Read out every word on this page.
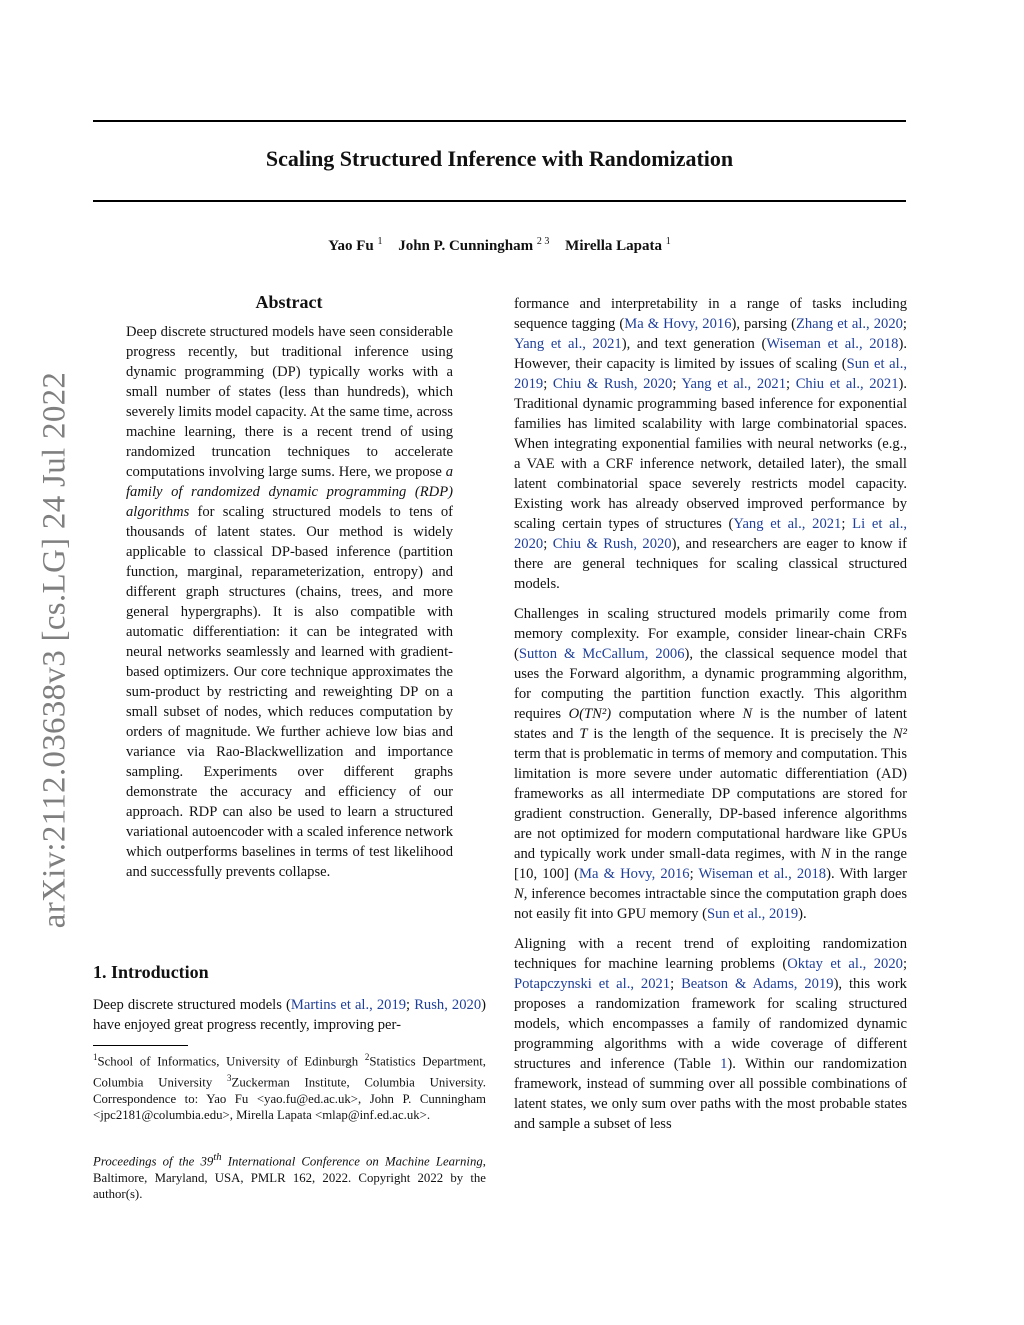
Scaling Structured Inference with Randomization
Yao Fu $^1$ John P. Cunningham $^{2 3}$ Mirella Lapata $^1$
arXiv:2112.03638v3 [cs.LG] 24 Jul 2022
Abstract
Deep discrete structured models have seen considerable progress recently, but traditional inference using dynamic programming (DP) typically works with a small number of states (less than hundreds), which severely limits model capacity. At the same time, across machine learning, there is a recent trend of using randomized truncation techniques to accelerate computations involving large sums. Here, we propose a family of randomized dynamic programming (RDP) algorithms for scaling structured models to tens of thousands of latent states. Our method is widely applicable to classical DP-based inference (partition function, marginal, reparameterization, entropy) and different graph structures (chains, trees, and more general hypergraphs). It is also compatible with automatic differentiation: it can be integrated with neural networks seamlessly and learned with gradient-based optimizers. Our core technique approximates the sum-product by restricting and reweighting DP on a small subset of nodes, which reduces computation by orders of magnitude. We further achieve low bias and variance via Rao-Blackwellization and importance sampling. Experiments over different graphs demonstrate the accuracy and efficiency of our approach. RDP can also be used to learn a structured variational autoencoder with a scaled inference network which outperforms baselines in terms of test likelihood and successfully prevents collapse.
1. Introduction
Deep discrete structured models (Martins et al., 2019; Rush, 2020) have enjoyed great progress recently, improving per-
$^1$School of Informatics, University of Edinburgh $^2$Statistics Department, Columbia University $^3$Zuckerman Institute, Columbia University. Correspondence to: Yao Fu <yao.fu@ed.ac.uk>, John P. Cunningham <jpc2181@columbia.edu>, Mirella Lapata <mlap@inf.ed.ac.uk>.
Proceedings of the 39th International Conference on Machine Learning, Baltimore, Maryland, USA, PMLR 162, 2022. Copyright 2022 by the author(s).

formance and interpretability in a range of tasks including sequence tagging (Ma & Hovy, 2016), parsing (Zhang et al., 2020; Yang et al., 2021), and text generation (Wiseman et al., 2018). However, their capacity is limited by issues of scaling (Sun et al., 2019; Chiu & Rush, 2020; Yang et al., 2021; Chiu et al., 2021). Traditional dynamic programming based inference for exponential families has limited scalability with large combinatorial spaces. When integrating exponential families with neural networks (e.g., a VAE with a CRF inference network, detailed later), the small latent combinatorial space severely restricts model capacity. Existing work has already observed improved performance by scaling certain types of structures (Yang et al., 2021; Li et al., 2020; Chiu & Rush, 2020), and researchers are eager to know if there are general techniques for scaling classical structured models.

Challenges in scaling structured models primarily come from memory complexity. For example, consider linear-chain CRFs (Sutton & McCallum, 2006), the classical sequence model that uses the Forward algorithm, a dynamic programming algorithm, for computing the partition function exactly. This algorithm requires O(TN²) computation where N is the number of latent states and T is the length of the sequence. It is precisely the N² term that is problematic in terms of memory and computation. This limitation is more severe under automatic differentiation (AD) frameworks as all intermediate DP computations are stored for gradient construction. Generally, DP-based inference algorithms are not optimized for modern computational hardware like GPUs and typically work under small-data regimes, with N in the range [10, 100] (Ma & Hovy, 2016; Wiseman et al., 2018). With larger N, inference becomes intractable since the computation graph does not easily fit into GPU memory (Sun et al., 2019).

Aligning with a recent trend of exploiting randomization techniques for machine learning problems (Oktay et al., 2020; Potapczynski et al., 2021; Beatson & Adams, 2019), this work proposes a randomization framework for scaling structured models, which encompasses a family of randomized dynamic programming algorithms with a wide coverage of different structures and inference (Table 1). Within our randomization framework, instead of summing over all possible combinations of latent states, we only sum over paths with the most probable states and sample a subset of less
